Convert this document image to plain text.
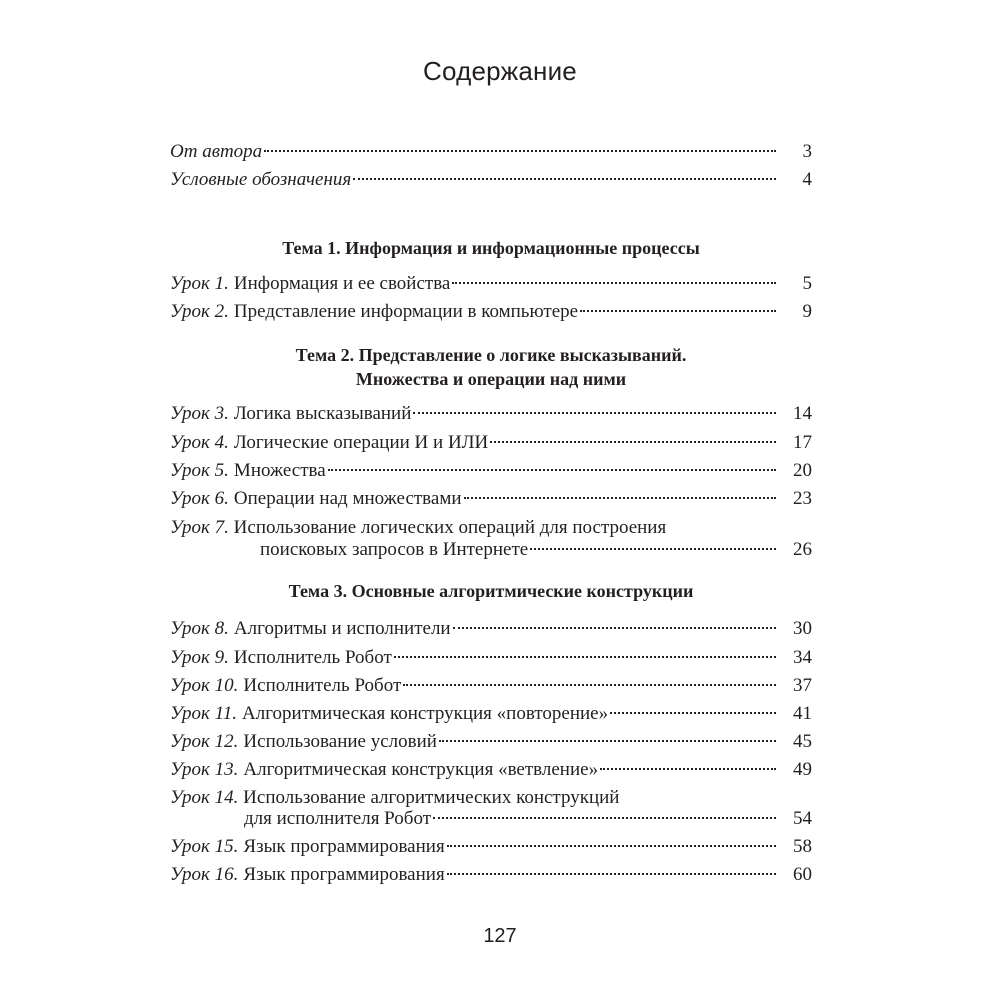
Содержание
От автора	3
Условные обозначения	4
Тема 1. Информация и информационные процессы
Урок 1. Информация и ее свойства	5
Урок 2. Представление информации в компьютере	9
Тема 2. Представление о логике высказываний.
Множества и операции над ними
Урок 3. Логика высказываний	14
Урок 4. Логические операции И и ИЛИ	17
Урок 5. Множества	20
Урок 6. Операции над множествами	23
Урок 7. Использование логических операций для построения
поисковых запросов в Интернете	26
Тема 3. Основные алгоритмические конструкции
Урок 8. Алгоритмы и исполнители	30
Урок 9. Исполнитель Робот	34
Урок 10. Исполнитель Робот	37
Урок 11. Алгоритмическая конструкция «повторение»	41
Урок 12. Использование условий	45
Урок 13. Алгоритмическая конструкция «ветвление»	49
Урок 14. Использование алгоритмических конструкций
для исполнителя Робот	54
Урок 15. Язык программирования	58
Урок 16. Язык программирования	60
127
